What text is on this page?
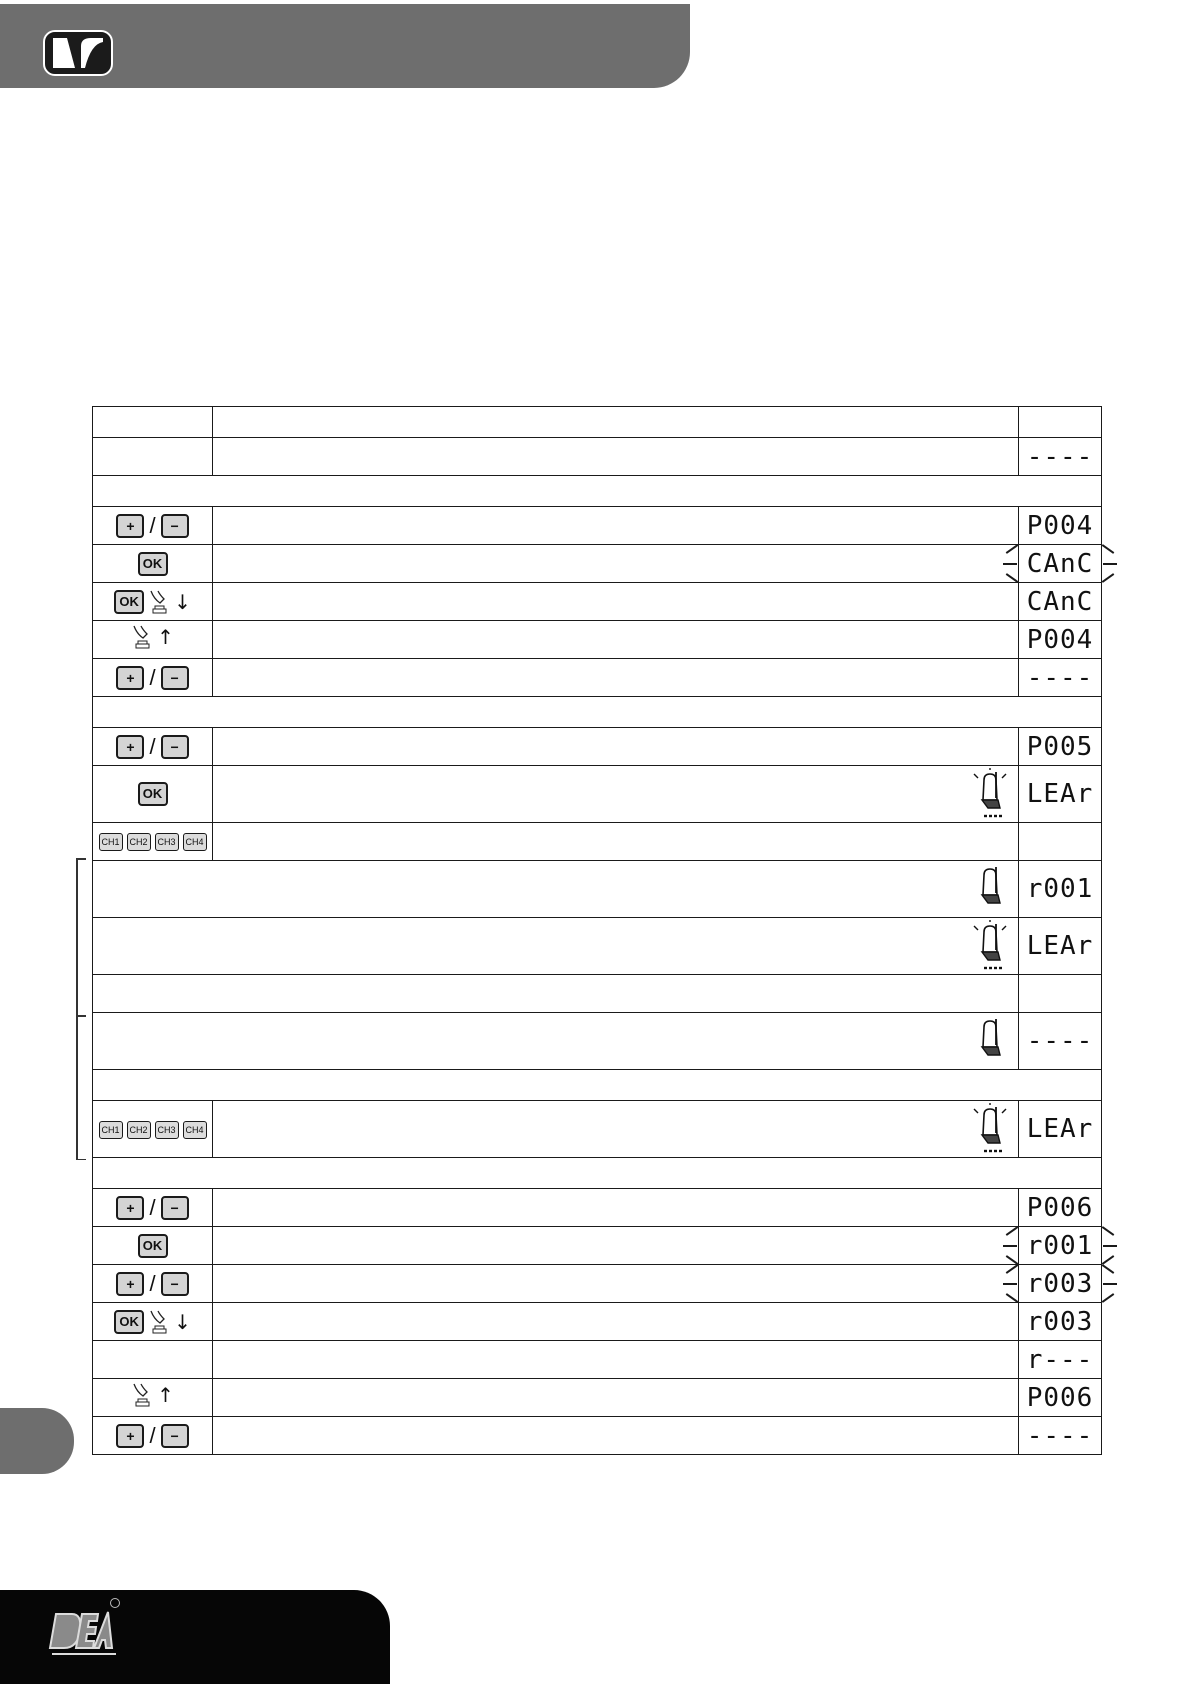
		----

+ / −		P004

OK		CAnC

OK ↓		CAnC

↑		P004

+ / −		----

+ / −		P005

OK		LEAr

CH1 CH2 CH3 CH4		

	r001

	LEAr

	----

CH1 CH2 CH3 CH4		LEAr

+ / −		P006

OK		r001

+ / −		r003

OK ↓		r003
		r---

↑		P006

+ / −		----
